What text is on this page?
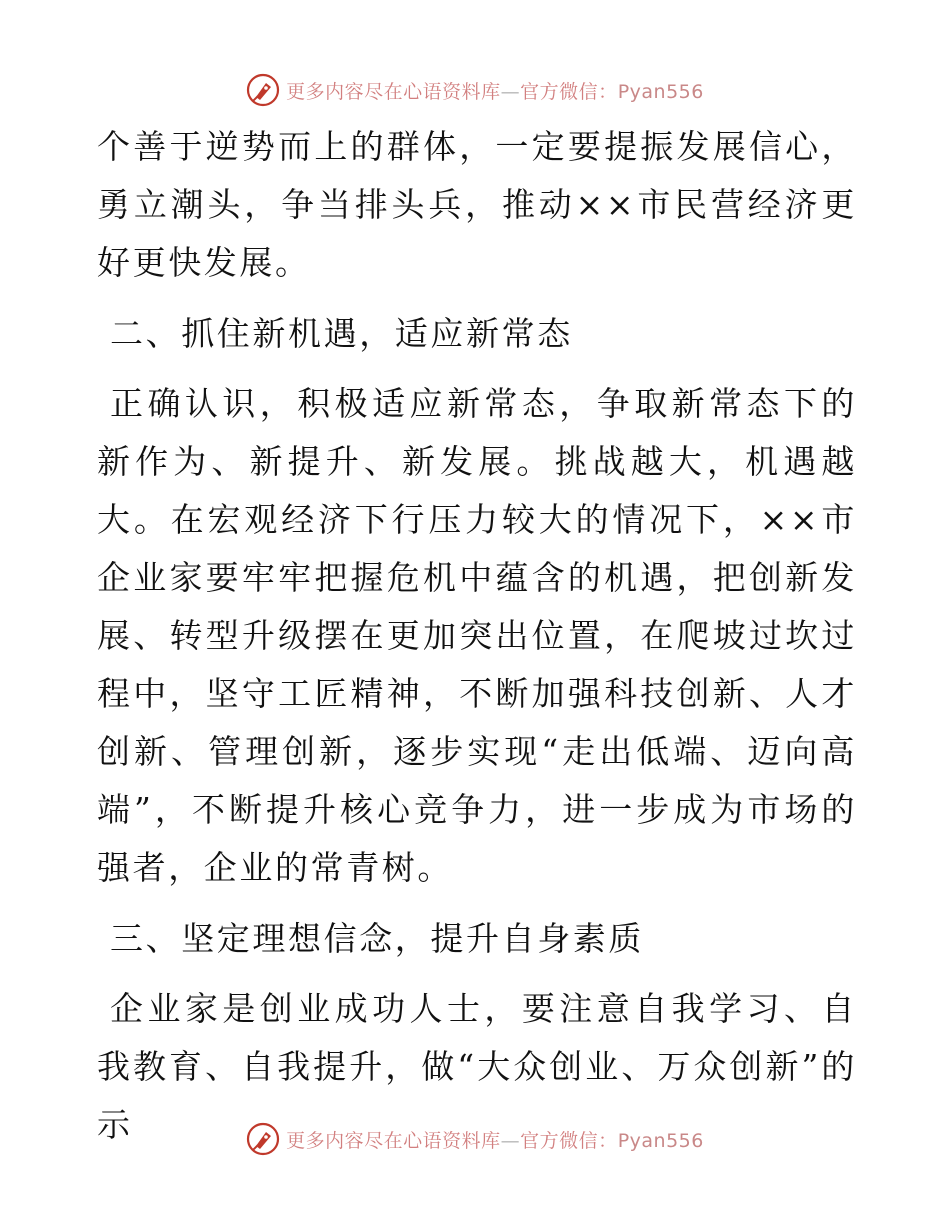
更多内容尽在心语资料库—官方微信：Pyan556

个善于逆势而上的群体，一定要提振发展信心，勇立潮头，争当排头兵，推动××市民营经济更好更快发展。

二、抓住新机遇，适应新常态

正确认识，积极适应新常态，争取新常态下的新作为、新提升、新发展。挑战越大，机遇越大。在宏观经济下行压力较大的情况下，××市企业家要牢牢把握危机中蕴含的机遇，把创新发展、转型升级摆在更加突出位置，在爬坡过坎过程中，坚守工匠精神，不断加强科技创新、人才创新、管理创新，逐步实现“走出低端、迈向高端”，不断提升核心竞争力，进一步成为市场的强者，企业的常青树。

三、坚定理想信念，提升自身素质

企业家是创业成功人士，要注意自我学习、自我教育、自我提升，做“大众创业、万众创新”的示	更多内容尽在心语资料库—官方微信：Pyan556
